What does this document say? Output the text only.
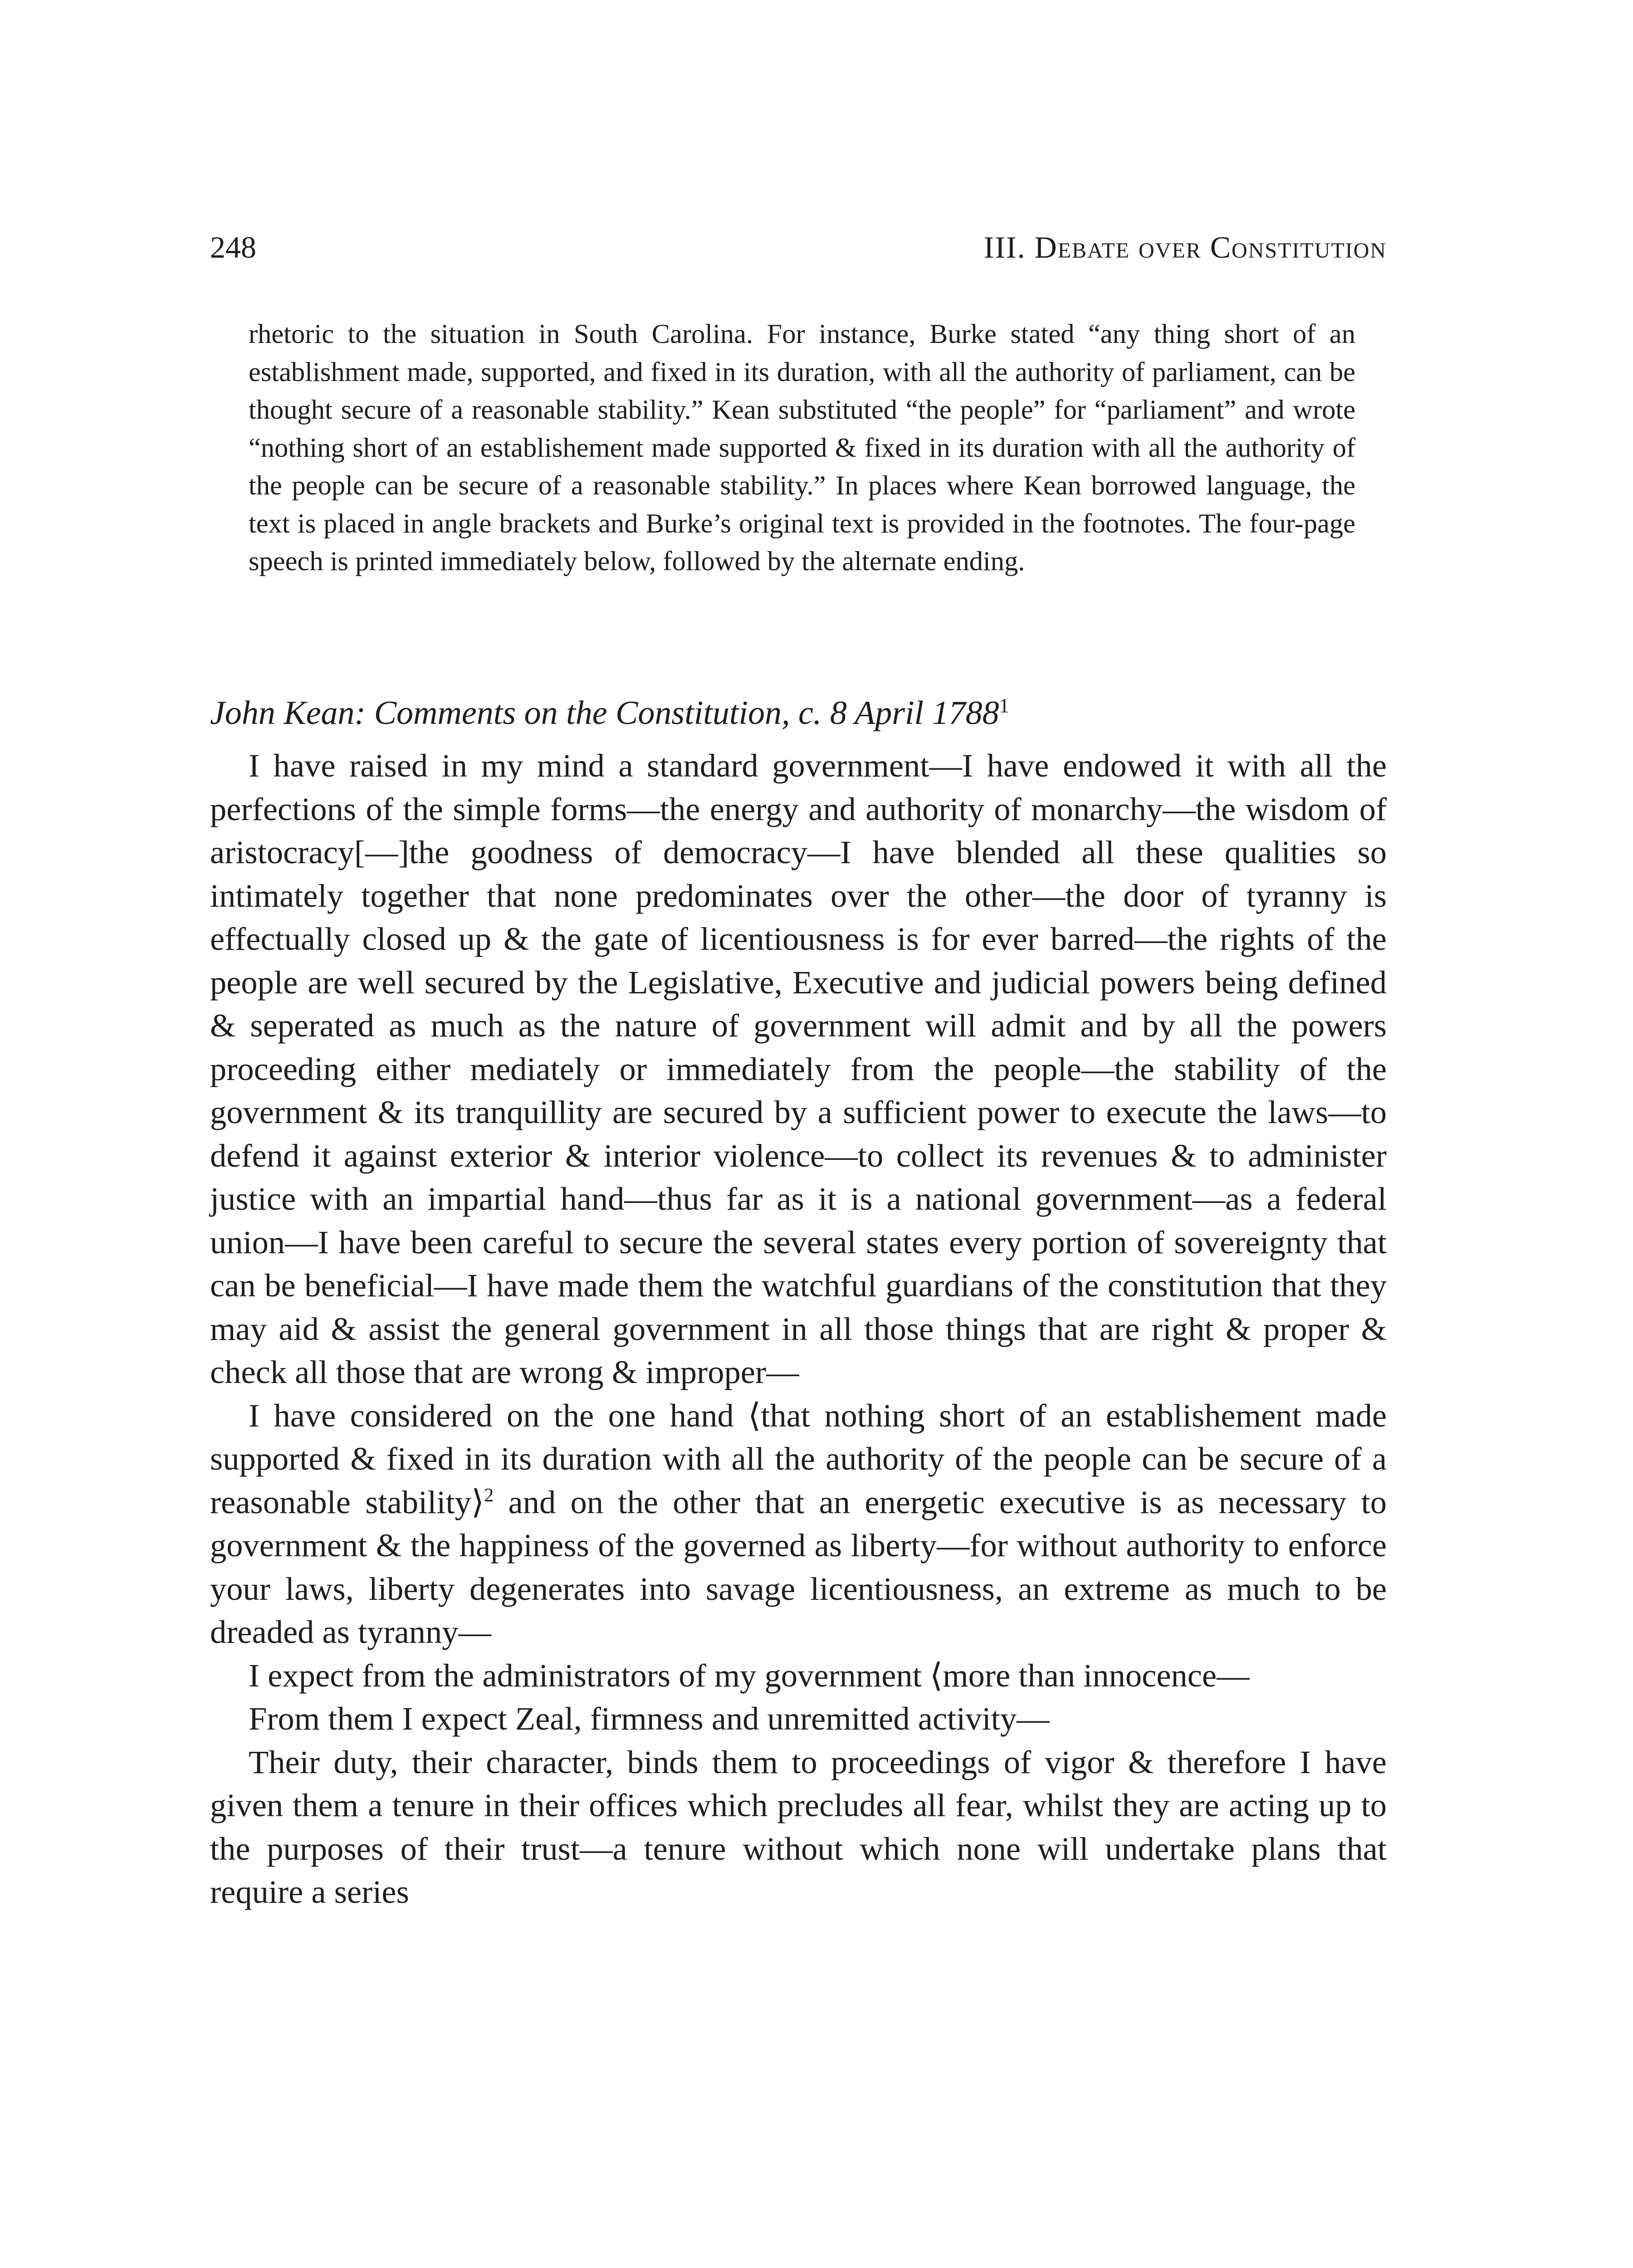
248	III. Debate over Constitution

rhetoric to the situation in South Carolina. For instance, Burke stated “any thing short of an establishment made, supported, and fixed in its duration, with all the authority of parliament, can be thought secure of a reasonable stability.” Kean substituted “the people” for “parliament” and wrote “nothing short of an establishement made supported & fixed in its duration with all the authority of the people can be secure of a reasonable stability.” In places where Kean borrowed language, the text is placed in angle brackets and Burke’s original text is provided in the footnotes. The four-page speech is printed immediately below, followed by the alternate ending.

John Kean: Comments on the Constitution, c. 8 April 1788$^1$

I have raised in my mind a standard government—I have endowed it with all the perfections of the simple forms—the energy and authority of monarchy—the wisdom of aristocracy[—]the goodness of democracy—I have blended all these qualities so intimately together that none predominates over the other—the door of tyranny is effectually closed up & the gate of licentiousness is for ever barred—the rights of the people are well secured by the Legislative, Executive and judicial powers being defined & seperated as much as the nature of government will admit and by all the powers proceeding either mediately or immediately from the people—the stability of the government & its tranquillity are secured by a sufficient power to execute the laws—to defend it against exterior & interior violence—to collect its revenues & to administer justice with an impartial hand—thus far as it is a national government—as a federal union—I have been careful to secure the several states every portion of sovereignty that can be beneficial—I have made them the watchful guardians of the constitution that they may aid & assist the general government in all those things that are right & proper & check all those that are wrong & improper—

I have considered on the one hand ⟨that nothing short of an establishement made supported & fixed in its duration with all the authority of the people can be secure of a reasonable stability⟩$^2$ and on the other that an energetic executive is as necessary to government & the happiness of the governed as liberty—for without authority to enforce your laws, liberty degenerates into savage licentiousness, an extreme as much to be dreaded as tyranny—

I expect from the administrators of my government ⟨more than innocence—

From them I expect Zeal, firmness and unremitted activity—

Their duty, their character, binds them to proceedings of vigor & therefore I have given them a tenure in their offices which precludes all fear, whilst they are acting up to the purposes of their trust—a tenure without which none will undertake plans that require a series
